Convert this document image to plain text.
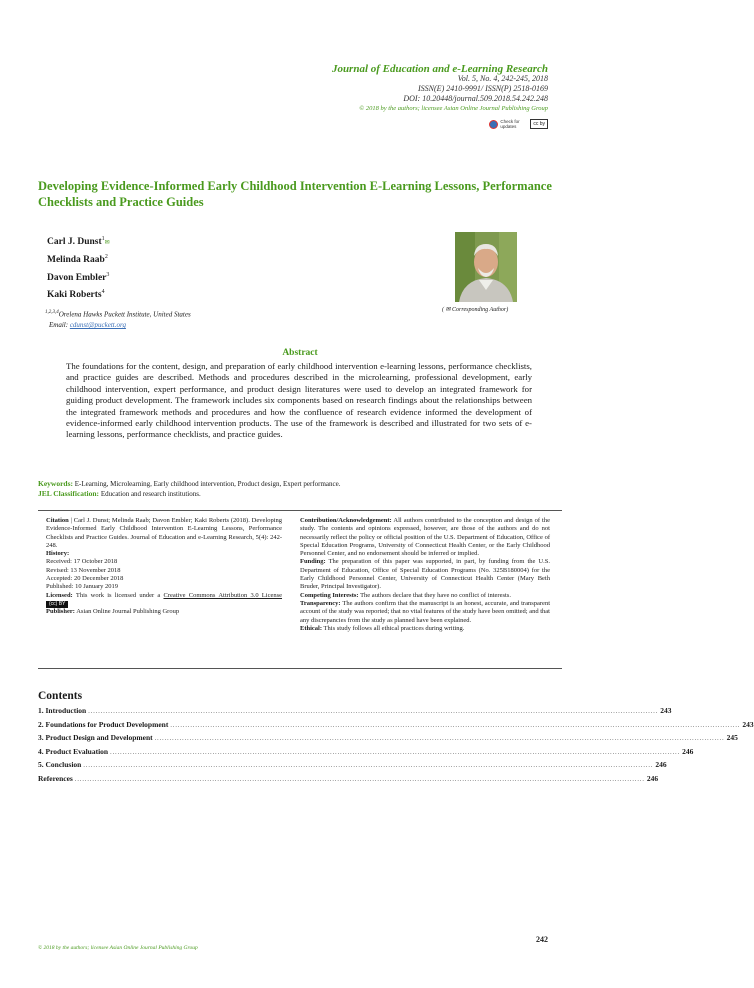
Journal of Education and e-Learning Research
Vol. 5, No. 4, 242-245, 2018
ISSN(E) 2410-9991/ ISSN(P) 2518-0169
DOI: 10.20448/journal.509.2018.54.242.248
© 2018 by the authors; licensee Asian Online Journal Publishing Group
Check for updates	cc by
Developing Evidence-Informed Early Childhood Intervention E-Learning Lessons, Performance Checklists and Practice Guides
Carl J. Dunst$^1$✉
Melinda Raab$^2$
Davon Embler$^3$
Kaki Roberts$^4$
$^{1,2,3,4}$Orelena Hawks Puckett Institute, United States
Email: cdunst@puckett.org
( ✉ Corresponding Author)
Abstract
The foundations for the content, design, and preparation of early childhood intervention e-learning lessons, performance checklists, and practice guides are described. Methods and procedures described in the microlearning, professional development, early childhood intervention, expert performance, and product design literatures were used to develop an integrated framework for guiding product development. The framework includes six components based on research findings about the relationships between the integrated framework methods and procedures and how the confluence of research evidence informed the development of evidence-informed early childhood intervention products. The use of the framework is described and illustrated for two sets of e-learning lessons, performance checklists, and practice guides.
Keywords: E-Learning, Microlearning, Early childhood intervention, Product design, Expert performance.
JEL Classification: Education and research institutions.
Citation | Carl J. Dunst; Melinda Raab; Davon Embler; Kaki Roberts (2018). Developing Evidence-Informed Early Childhood Intervention E-Learning Lessons, Performance Checklists and Practice Guides. Journal of Education and e-Learning Research, 5(4): 242-248.
History:
Received: 17 October 2018
Revised: 13 November 2018
Accepted: 20 December 2018
Published: 10 January 2019
Licensed: This work is licensed under a Creative Commons Attribution 3.0 License (cc) BY
Publisher: Asian Online Journal Publishing Group
Contribution/Acknowledgement: All authors contributed to the conception and design of the study. The contents and opinions expressed, however, are those of the authors and do not necessarily reflect the policy or official position of the U.S. Department of Education, Office of Special Education Programs, University of Connecticut Health Center, or the Early Childhood Personnel Center, and no endorsement should be inferred or implied.
Funding: The preparation of this paper was supported, in part, by funding from the U.S. Department of Education, Office of Special Education Programs (No. 325B180004) for the Early Childhood Personnel Center, University of Connecticut Health Center (Mary Beth Bruder, Principal Investigator).
Competing Interests: The authors declare that they have no conflict of interests.
Transparency: The authors confirm that the manuscript is an honest, accurate, and transparent account of the study was reported; that no vital features of the study have been omitted; and that any discrepancies from the study as planned have been explained.
Ethical: This study follows all ethical practices during writing.
Contents
1. Introduction .................................................................................................................................................................................................................................... 243
2. Foundations for Product Development .................................................................................................................................................................................................................................... 243
3. Product Design and Development .................................................................................................................................................................................................................................... 245
4. Product Evaluation .................................................................................................................................................................................................................................... 246
5. Conclusion .................................................................................................................................................................................................................................... 246
References .................................................................................................................................................................................................................................... 246
242
© 2018 by the authors; licensee Asian Online Journal Publishing Group
